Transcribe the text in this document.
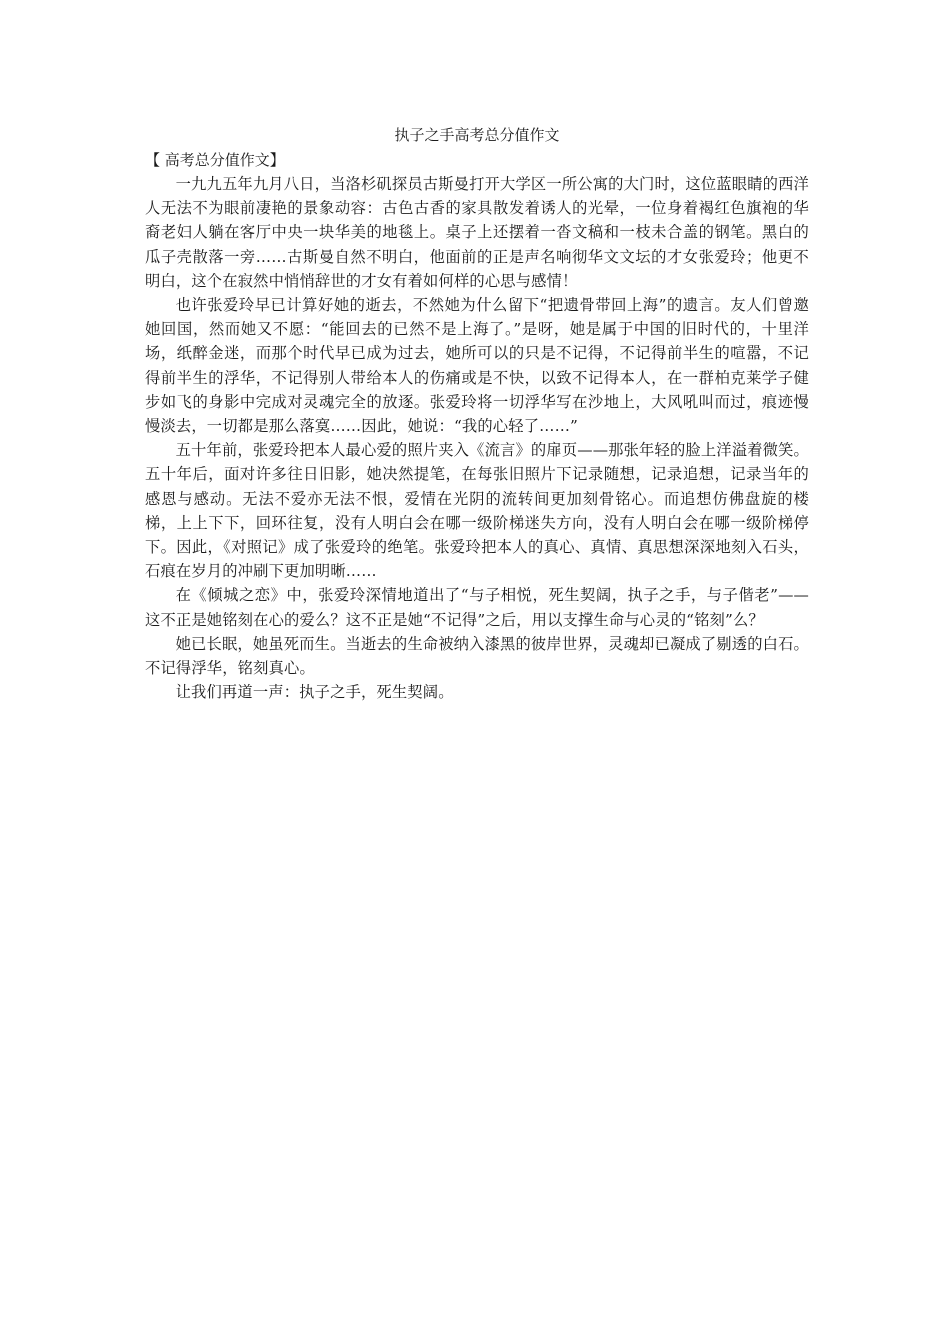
执子之手高考总分值作文

【 高考总分值作文】

一九九五年九月八日，当洛杉矶探员古斯曼打开大学区一所公寓的大门时，这位蓝眼睛的西洋人无法不为眼前凄艳的景象动容：古色古香的家具散发着诱人的光晕，一位身着褐红色旗袍的华裔老妇人躺在客厅中央一块华美的地毯上。桌子上还摆着一沓文稿和一枝未合盖的钢笔。黑白的瓜子壳散落一旁……古斯曼自然不明白，他面前的正是声名响彻华文文坛的才女张爱玲；他更不明白，这个在寂然中悄悄辞世的才女有着如何样的心思与感情！

也许张爱玲早已计算好她的逝去，不然她为什么留下“把遗骨带回上海”的遗言。友人们曾邀她回国，然而她又不愿：“能回去的已然不是上海了。”是呀，她是属于中国的旧时代的，十里洋场，纸醉金迷，而那个时代早已成为过去，她所可以的只是不记得，不记得前半生的喧嚣，不记得前半生的浮华，不记得别人带给本人的伤痛或是不快，以致不记得本人，在一群柏克莱学子健步如飞的身影中完成对灵魂完全的放逐。张爱玲将一切浮华写在沙地上，大风吼叫而过，痕迹慢慢淡去，一切都是那么落寞……因此，她说：“我的心轻了……”

五十年前，张爱玲把本人最心爱的照片夹入《流言》的扉页——那张年轻的脸上洋溢着微笑。五十年后，面对许多往日旧影，她决然提笔，在每张旧照片下记录随想，记录追想，记录当年的感恩与感动。无法不爱亦无法不恨，爱情在光阴的流转间更加刻骨铭心。而追想仿佛盘旋的楼梯，上上下下，回环往复，没有人明白会在哪一级阶梯迷失方向，没有人明白会在哪一级阶梯停下。因此，《对照记》成了张爱玲的绝笔。张爱玲把本人的真心、真情、真思想深深地刻入石头，石痕在岁月的冲刷下更加明晰……

在《倾城之恋》中，张爱玲深情地道出了“与子相悦，死生契阔，执子之手，与子偕老”——这不正是她铭刻在心的爱么？这不正是她“不记得”之后，用以支撑生命与心灵的“铭刻”么？

她已长眠，她虽死而生。当逝去的生命被纳入漆黑的彼岸世界，灵魂却已凝成了剔透的白石。不记得浮华，铭刻真心。

让我们再道一声：执子之手，死生契阔。
